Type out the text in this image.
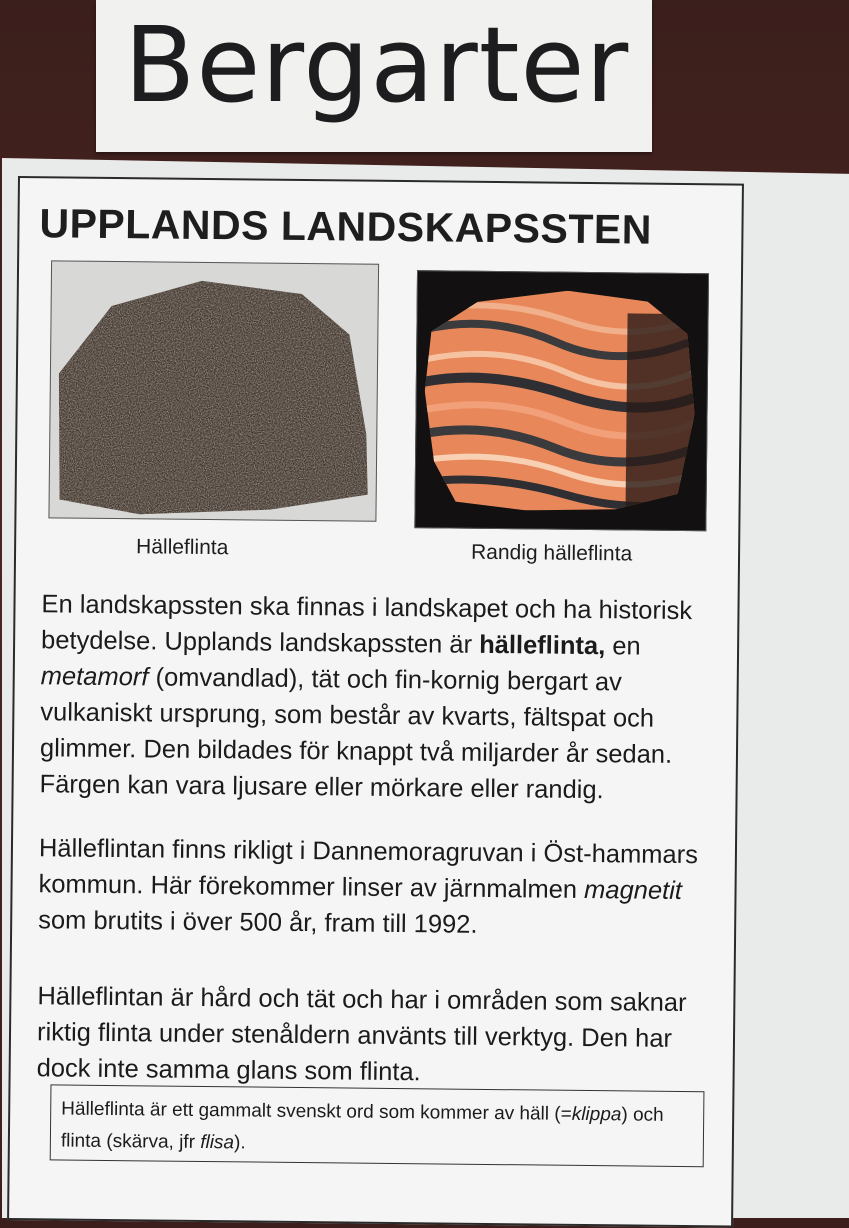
Bergarter
UPPLANDS LANDSKAPSSTEN
Hälleflinta	Randig hälleflinta
En landskapssten ska finnas i landskapet och ha historisk betydelse. Upplands landskapssten är hälleflinta, en metamorf (omvandlad), tät och fin-kornig bergart av vulkaniskt ursprung, som består av kvarts, fältspat och glimmer. Den bildades för knappt två miljarder år sedan. Färgen kan vara ljusare eller mörkare eller randig.
Hälleflintan finns rikligt i Dannemoragruvan i Öst-hammars kommun. Här förekommer linser av järnmalmen magnetit som brutits i över 500 år, fram till 1992.
Hälleflintan är hård och tät och har i områden som saknar riktig flinta under stenåldern använts till verktyg. Den har dock inte samma glans som flinta.
Hälleflinta är ett gammalt svenskt ord som kommer av häll (=klippa) och flinta (skärva, jfr flisa).
